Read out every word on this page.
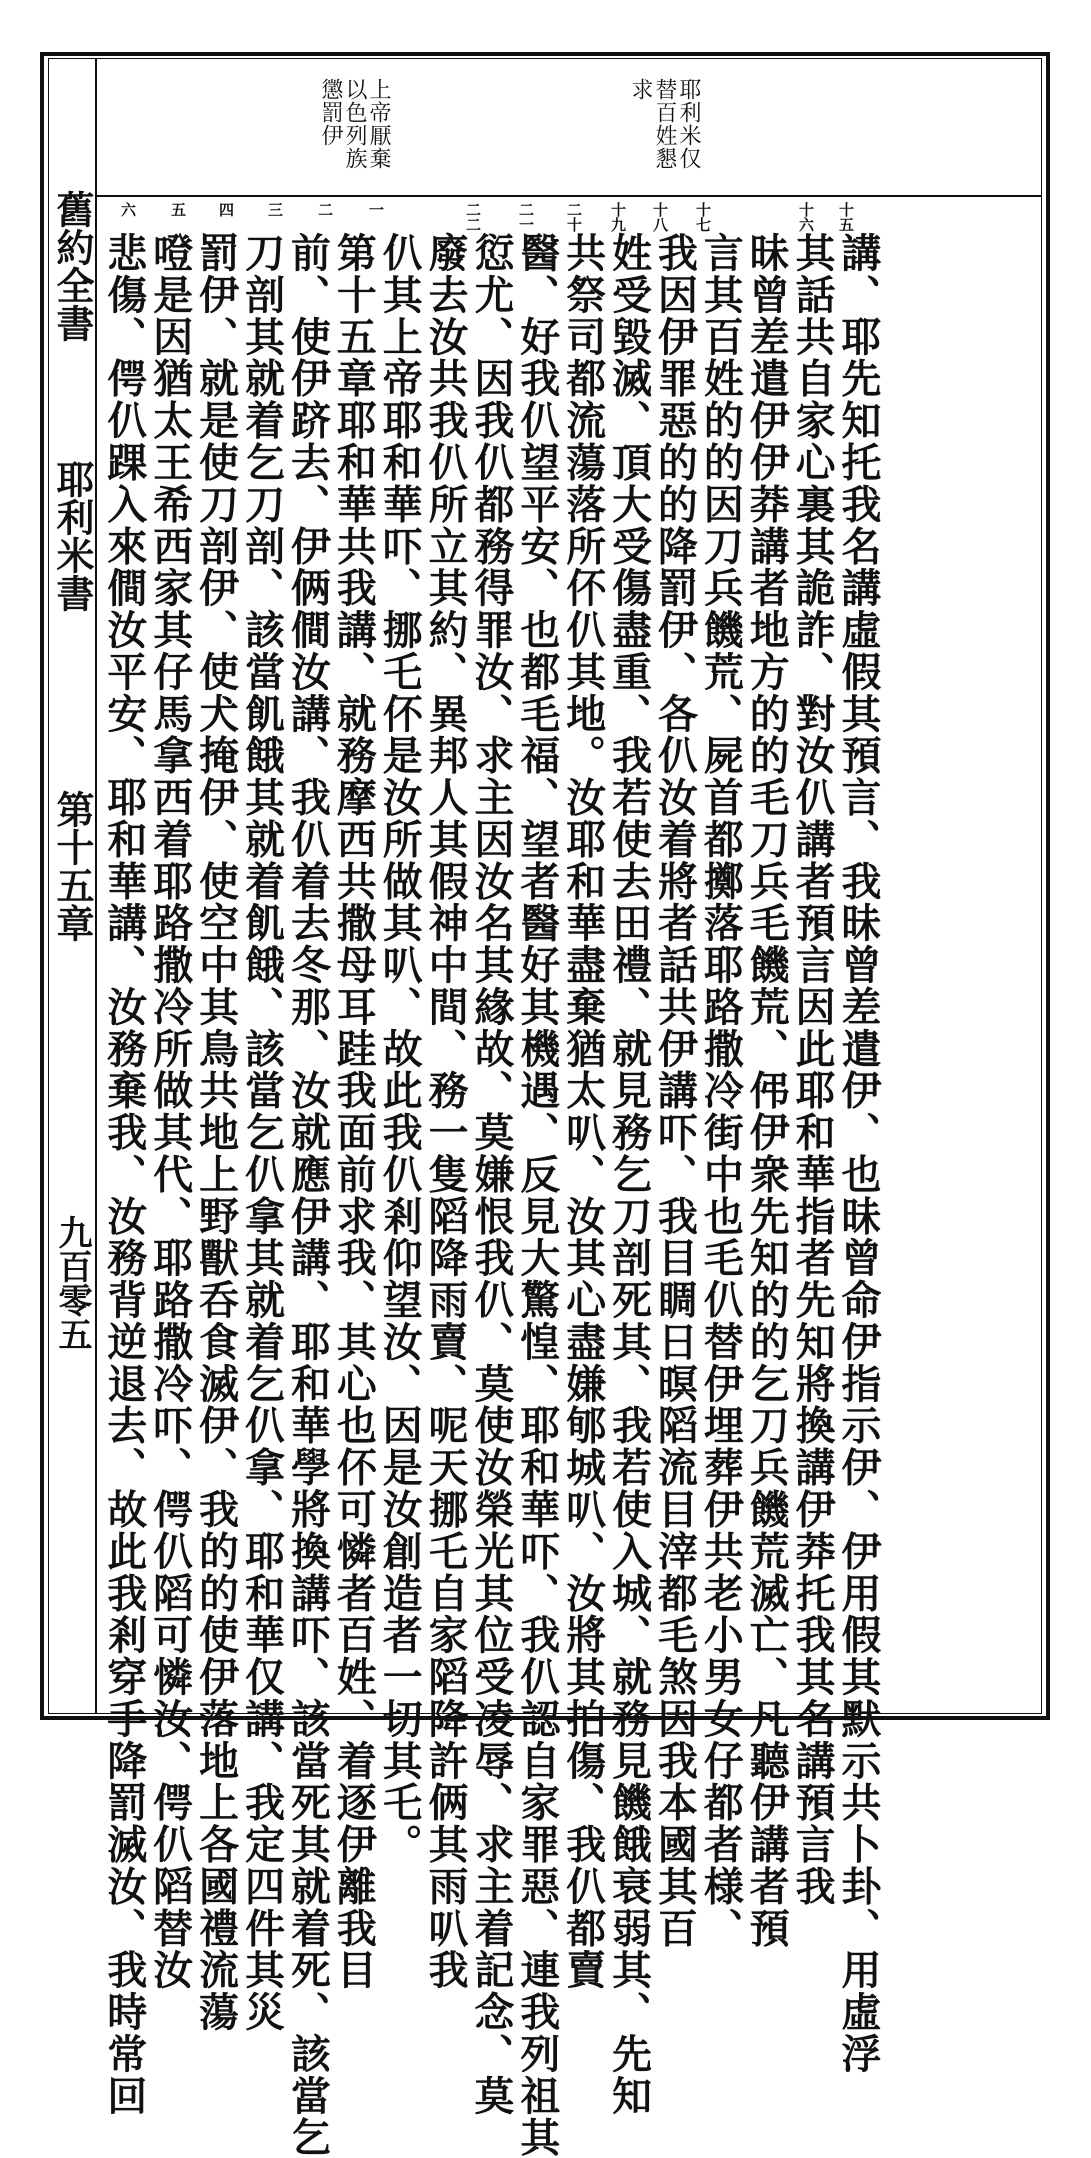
耶利米仅
替百姓懇
求
上帝厭棄
以色列族
懲罰伊
舊約全書
耶利米書
第十五章
九百零五
十五
十六
十七
十八
十九
二十
二一
二二
一
二
三
四
五
六
講、耶先知托我名講虛假其預言、我昧曾差遣伊、也昧曾命伊指示伊、伊用假其默示共卜卦、用虛浮
其話共自家心裏其詭詐、對汝仈講者預言因此耶和華指者先知將換講伊莽托我其名講預言我
昧曾差遣伊伊莽講者地方的的毛刀兵毛饑荒、伄伊衆先知的的乞刀兵饑荒滅亡、凡聽伊講者預
言其百姓的的因刀兵饑荒、屍首都擲落耶路撒冷街中也毛仈替伊埋葬伊共老小男女仔都者様、
我因伊罪惡的的降罰伊、各仈汝着將者話共伊講吓、我目睭日暝䧟流目滓都毛煞因我本國其百
姓受毀滅、頂大受傷盡重、我若使去田禮、就見務乞刀剖死其、我若使入城、就務見饑餓衰弱其、先知
共祭司都流蕩落所伓仈其地。汝耶和華盡棄猶太叭、汝其心盡嫌郇城叭、汝將其拍傷、我仈都賣
醫、好我仈望平安、也都毛福、望者醫好其機遇、反見大驚惶、耶和華吓、我仈認自家罪惡、連我列祖其
愆尤、因我仈都務得罪汝、求主因汝名其緣故、莫嫌恨我仈、莫使汝榮光其位受凌辱、求主着記念、莫
廢去汝共我仈所立其約、異邦人其假神中間、務一隻䧟降雨賣、呢天挪乇自家䧟降許俩其雨叭我
仈其上帝耶和華吓、挪乇伓是汝所做其叭、故此我仈剎仰望汝、因是汝創造者一切其乇。
第十五章耶和華共我講、就務摩西共撒母耳跬我面前求我、其心也伓可憐者百姓、着逐伊離我目
前、使伊跻去、伊俩僴汝講、我仈着去冬那、汝就應伊講、耶和華學將換講吓、該當死其就着死、該當乞
刀剖其就着乞刀剖、該當飢餓其就着飢餓、該當乞仈拿其就着乞仈拿、耶和華仅講、我定四件其災
罰伊、就是使刀剖伊、使犬掩伊、使空中其鳥共地上野獸呑食滅伊、我的的使伊落地上各國禮流蕩
噔是因猶太王希西家其仔馬拿西着耶路撒冷所做其代、耶路撒冷吓、偔仈䧟可憐汝、偔仈䧟替汝
悲傷、偔仈踝入來僴汝平安、耶和華講、汝務棄我、汝務背逆退去、故此我剎穿手降罰滅汝、我時常回
